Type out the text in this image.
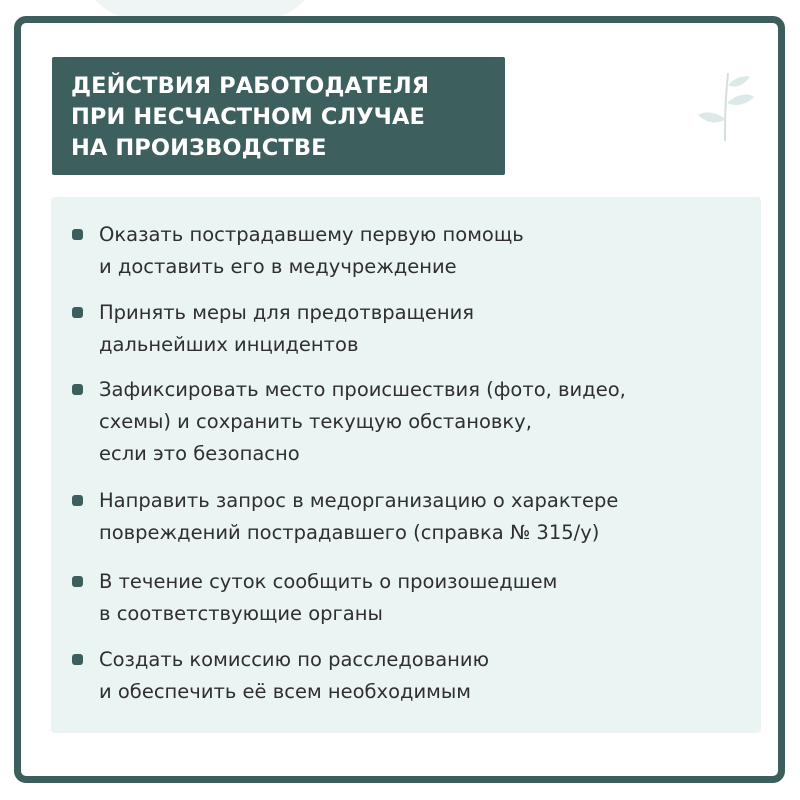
ДЕЙСТВИЯ РАБОТОДАТЕЛЯ
ПРИ НЕСЧАСТНОМ СЛУЧАЕ
НА ПРОИЗВОДСТВЕ
Оказать пострадавшему первую помощь
и доставить его в медучреждение
Принять меры для предотвращения
дальнейших инцидентов
Зафиксировать место происшествия (фото, видео,
схемы) и сохранить текущую обстановку,
если это безопасно
Направить запрос в медорганизацию о характере
повреждений пострадавшего (справка № 315/у)
В течение суток сообщить о произошедшем
в соответствующие органы
Создать комиссию по расследованию
и обеспечить её всем необходимым
